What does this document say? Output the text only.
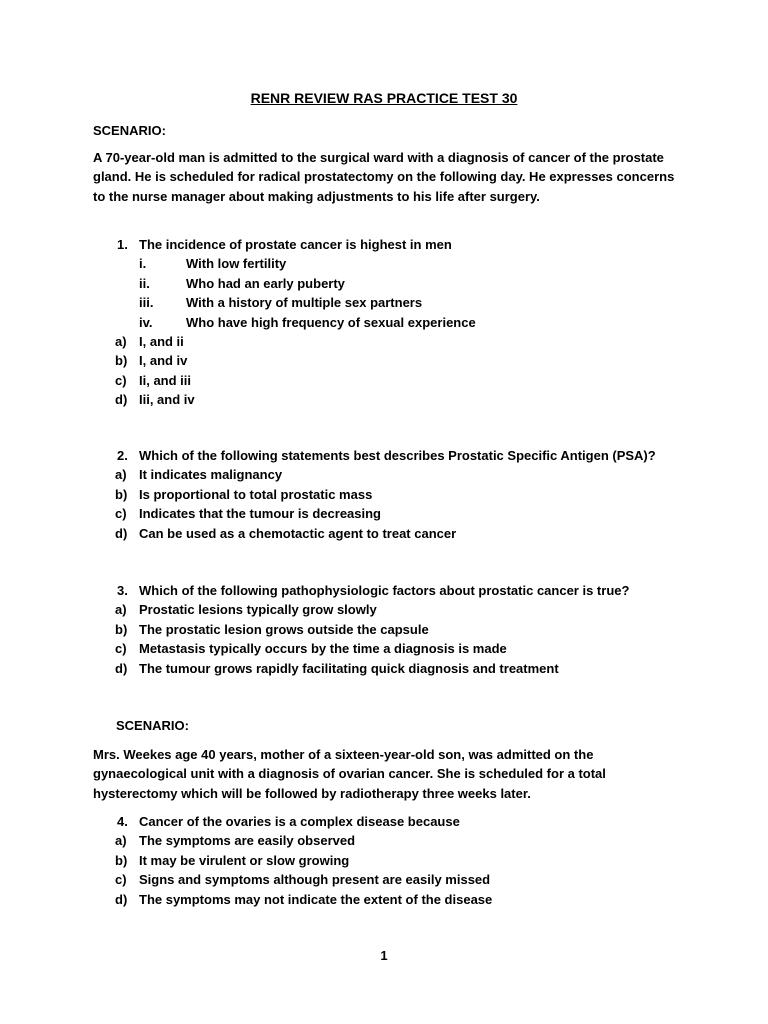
RENR REVIEW RAS PRACTICE TEST 30
SCENARIO:
A 70-year-old man is admitted to the surgical ward with a diagnosis of cancer of the prostate gland. He is scheduled for radical prostatectomy on the following day. He expresses concerns to the nurse manager about making adjustments to his life after surgery.
1. The incidence of prostate cancer is highest in men
i.	With low fertility
ii.	Who had an early puberty
iii.	With a history of multiple sex partners
iv.	Who have high frequency of sexual experience
a) I, and ii
b) I, and iv
c) Ii, and iii
d) Iii, and iv
2. Which of the following statements best describes Prostatic Specific Antigen (PSA)?
a) It indicates malignancy
b) Is proportional to total prostatic mass
c) Indicates that the tumour is decreasing
d) Can be used as a chemotactic agent to treat cancer
3. Which of the following pathophysiologic factors about prostatic cancer is true?
a) Prostatic lesions typically grow slowly
b) The prostatic lesion grows outside the capsule
c) Metastasis typically occurs by the time a diagnosis is made
d) The tumour grows rapidly facilitating quick diagnosis and treatment
SCENARIO:
Mrs. Weekes age 40 years, mother of a sixteen-year-old son, was admitted on the gynaecological unit with a diagnosis of ovarian cancer. She is scheduled for a total hysterectomy which will be followed by radiotherapy three weeks later.
4. Cancer of the ovaries is a complex disease because
a) The symptoms are easily observed
b) It may be virulent or slow growing
c) Signs and symptoms although present are easily missed
d) The symptoms may not indicate the extent of the disease
1
